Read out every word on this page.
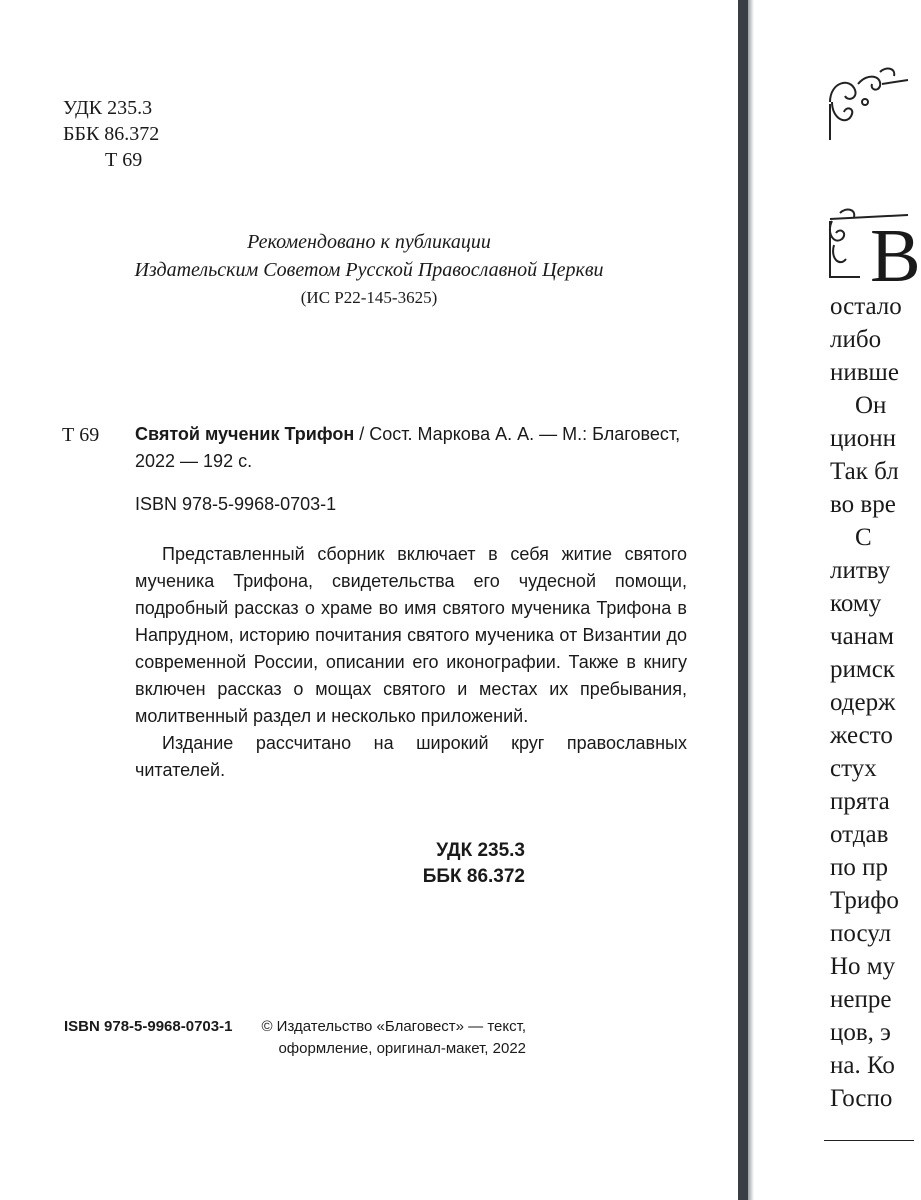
УДК 235.3
ББК 86.372
Т 69
Рекомендовано к публикации
Издательским Советом Русской Православной Церкви
(ИС Р22-145-3625)
Т 69 Святой мученик Трифон / Сост. Маркова А. А. — М.: Благовест, 2022 — 192 с.
ISBN 978-5-9968-0703-1

Представленный сборник включает в себя житие святого мученика Трифона, свидетельства его чудесной помощи, подробный рассказ о храме во имя святого мученика Трифона в Напрудном, историю почитания святого мученика от Византии до современной России, описании его иконографии. Также в книгу включен рассказ о мощах святого и местах их пребывания, молитвенный раздел и несколько приложений.

Издание рассчитано на широкий круг православных читателей.

УДК 235.3
ББК 86.372
ISBN 978-5-9968-0703-1 © Издательство «Благовест» — текст,
оформление, оригинал-макет, 2022
В
остало
либо
нивше
Он
ционн
Так бл
во вре
С
литву
кому
чанам
римск
одерж
жесто
стух
прята
отдав
по пр
Трифо
посул
Но му
непре
цов, э
на. Ко
Госпо
